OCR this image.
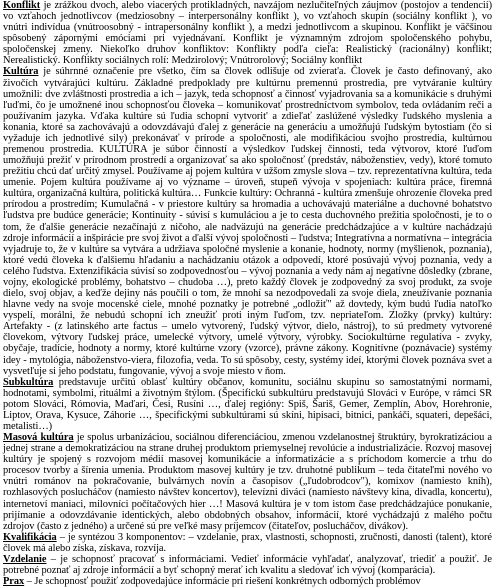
Konflikt je zrážkou dvoch, alebo viacerých protikladných, navzájom nezlučiteľných záujmov (postojov a tendencií) vo vzťahoch jednotlivcov (medziosobny – interpersonálny konflikt ), vo vzťahoch skupín (sociálny konflikt ), vo vnútri indivídua (vnútroosobný - intrapersonálny konflikt ), a medzi jednotlivcom a skupinou. Konflikt je väčšinou spôsobený zápornými emóciami pri vyjednávaní. Konflikt je významným zdrojom spoločenského pohybu, spoločenskej zmeny. Niekoľko druhov konfliktov: Konflikty podľa cieľa: Realistický (racionálny) konflikt; Nerealistický. Konflikty sociálnych rolí: Medzirolový; Vnútrorolový; Sociálny konflikt

Kultúra je súhrnné označenie pre všetko, čím sa človek odlišuje od zvierat'a. Človek je často definovaný, ako živočích vytvárajúci kultúru. Základné predpoklady pre kultúrnu premennú prostredia, pre vytváranie kultúry umožnili: dve zvláštnosti prostredia a ich – jazyk, teda schopnosť a činnosť vyjadrovania sa a komunikácie s druhými ľuďmi, čo je umožnené inou schopnosťou človeka – komunikovať prostredníctvom symbolov, teda ovládaním reči a používaním jazyka. Vďaka kultúre sú ľudia schopní vytvorit' a zdieľať zaslúžené výsledky ľudského myslenia a konania, ktoré sa zachovávajú a odovzdávajú ďalej z generácie na generáciu a umožňujú ľudským bytostiam (čo si vyžaduje ich jednotlivé sily) prekonávať v prírode a spoločnosti, ale modifikáciou svojho prostredia, kultúrnou premenou prostredia. KULTÚRA je súbor činností a výsledkov ľudskej činnosti, teda výtvorov, ktoré ľuďom umožňujú prežiť v prírodnom prostredí a organizovať sa ako spoločnosť (predstáv, náboženstiev, vedy), ktoré tomuto prežitiu chcú dať určitý zmysel. Používame aj pojem kultúra v užšom zmysle slova – tzv. reprezentatívna kultúra, teda umenie. Pojem kultúra používame aj vo význame – úroveň, stupeň vývoja v spojeniach: kultúra práce, firemná kultúra, organizačná kultúra, politická kultúra… Funkcie kultúry: Ochranná - kultúra zmenšuje ohrozenie človeka pred prírodou a prostredím; Kumulačná - v priestore kultúry sa hromadia a uchovávajú materiálne a duchovné bohatstvo ľudstva pre budúce generácie; Kontinuity - súvisí s kumuláciou a je to cesta duchovného prežitia spoločnosti, je to o tom, že ďalšie generácie nezačínajú z ničoho, ale nadväzujú na generácie predchádzajúce a v kultúre nachádzajú zdroje informácií a inšpirácie pre svoj život a ďalší vývoj spoločnosti – ľudstva; Integratívna a normatívna – integrácia vyjadruje to, že v kultúre sa vytvára a udržiava spoločné myslenie a konanie, hodnoty, normy (myšlienok, poznania), ktoré vedú človeka k ďalšiemu hľadaniu a nachádzaniu otázok a odpovedí, ktoré posúvajú vývoj poznania, vedy a celého ľudstva. Extenzifikácia súvisí so zodpovednosťou – vývoj poznania a vedy nám aj negatívne dôsledky (zbrane, vojny, ekologické problémy, bohatstvo – chudoba …), preto každý človek je zodpovedný za svoj produkt, za svoje dielo, svoj objav, a keďže dejiny nás poučili o tom, že mnohí sa nezodpovedali za svoje diela, zneužívanie poznania hlavne vedy na svoje mocenské ciele, mnohé poznatky je potrebné „odložiť" až dovtedy, kým budú ľudia natoľko vyspelí, morálni, že nebudú schopní ich zneužiť proti iným ľuďom, tzv. nepriateľom. Zložky (prvky) kultúry: Artefakty - (z latinského arte factus – umelo vytvorený, ľudský výtvor, dielo, nástroj), to sú predmety vytvorené človekom, výtvory ľudskej práce, umelecké výtvory, umelé výtvory, výrobky. Sociokultúrne regulatíva - zvyky, obyčaje, tradície, hodnoty a normy, ktoré kultúrne vzory (vzorce), právne zákony. Kognitívne (poznávacie) systémy idey - mytológia, náboženstvo-viera, filozofia, veda. To sú spôsoby, cesty, systémy ideí, ktorými človek poznáva svet a vysvetľuje si jeho podstatu, fungovanie, vývoj a svoje miesto v ňom.

Subkultúra predstavuje určitú oblasť kultúry občanov, komunitu, sociálnu skupinu so samostatnými normami, hodnotami, symbolmi, rituálmi a životným štýlom. (Špecifickú subkultúru predstavujú Slováci v Európe, v rámci SR potom Slováci, Rómovia, Maďari, Česi, Rusíni …, ďalej regióny: Spiš, Šariš, Gemer, Zemplín, Abov, Horehronie, Liptov, Orava, Kysuce, Záhorie …, špecifickými subkultúrami sú skíni, hipisaci, bitnici, pankáči, squateri, depešáci, metalisti…)

Masová kultúra je spolus urbanizáciou, sociálnou diferenciáciou, zmenou vzdelanostnej štruktúry, byrokratizáciou a jednej strane a demokratizáciou na strane druhej produktom priemyselnej revolúcie a industrializácie. Rozvoj masovej kultúry je spojený s rozvojom médií masovej komunikácie a informatizácie a s príchodom komercie a trhu do procesov tvorby a šírenia umenia. Produktom masovej kultúry je tzv. druhotné publikum – teda čitateľmi nového vo vnútri románov na pokračovanie, bulvárnych novín a časopisov („ľudobrodcov"), komixov (namiesto kníh), rozhlasových poslucháčov (namiesto návštev koncertov), televízni diváci (namiesto návštevy kina, divadla, koncertu), internetoví maniaci, milovníci počítačových hier …! Masová kultúra je v tom istom čase predchádzajúce ponukanie, prijímanie a odovzdávanie identických, alebo obdobných obsahov, informácií, ktoré vychádzajú z malého počtu zdrojov (často z jedného) a určené sú pre veľké masy príjemcov (čitateľov, poslucháčov, divákov).

Kvalifikácia – je syntézou 3 komponentov: – vzdelanie, prax, vlastnosti, schopnosti, zručnosti, danosti (talent), ktoré človek má alebo získa, získava, rozvíja.

Vzdelanie – je schopnosť pracovať s informáciami. Vedieť informácie vyhľadať, analyzovať, triediť a použiť. Je potrebné poznať aj zdroje informácií a byť schopný merať ich kvalitu a sledovať ich vývoj (komparácia).

Prax – Je schopnosť použiť zodpovedajúce informácie pri riešení konkrétnych odborných problémov
